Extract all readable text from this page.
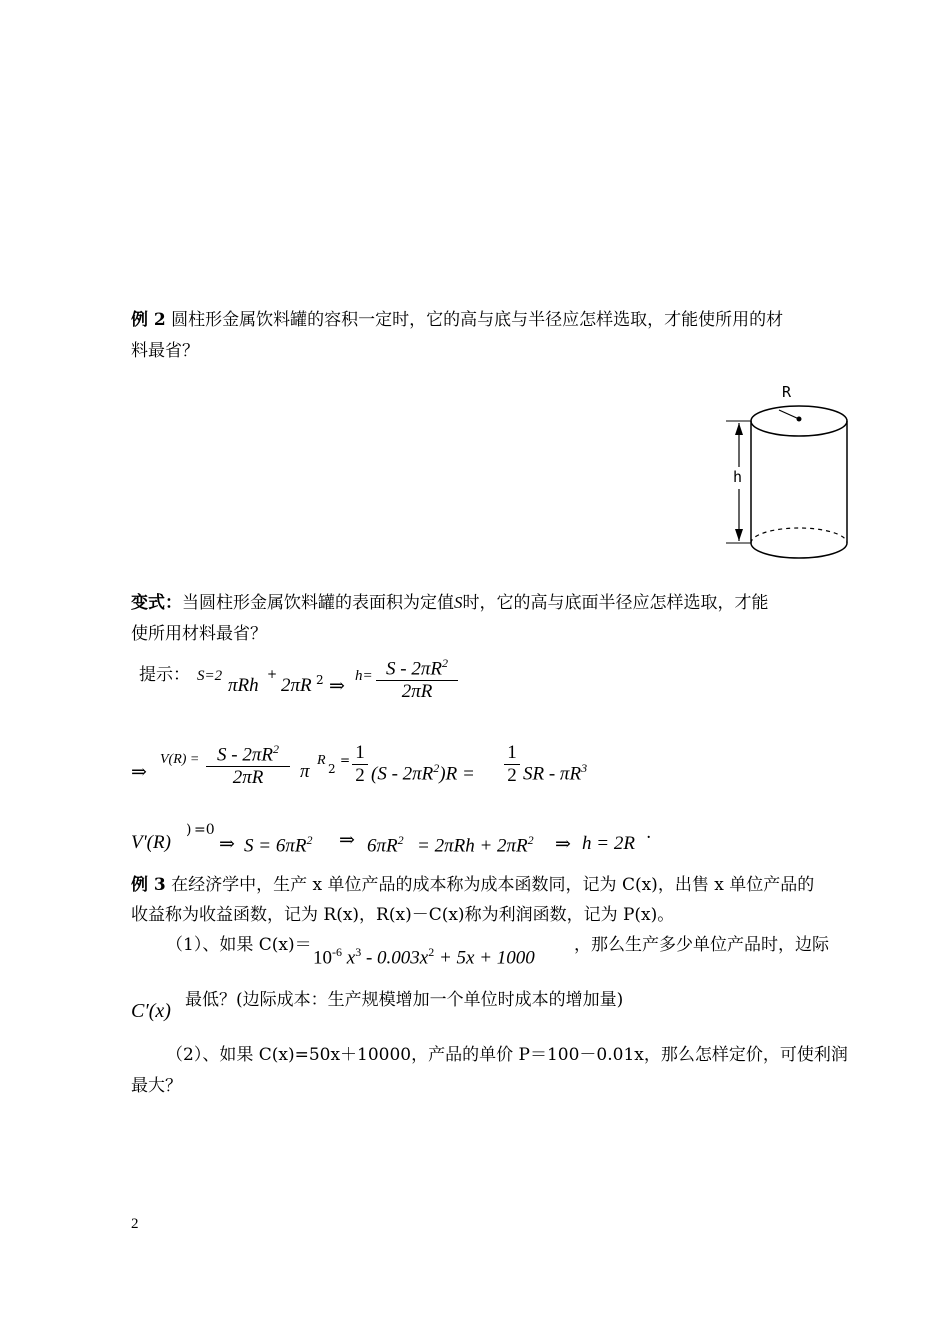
例 2 圆柱形金属饮料罐的容积一定时，它的高与底与半径应怎样选取，才能使所用的材
料最省？
R
h
变式：当圆柱形金属饮料罐的表面积为定值S时，它的高与底面半径应怎样选取，才能
使所用材料最省？
提示： S=2 πRh
+
2πR 2 ⇒ $h= S - 2\pi R^2$
2πR
⇒
$V(R) = S - 2\pi R^2$
2πR	π
R
2
= 1
2 $(S - 2\pi R^2)R$ =
1
2 SR - $\pi R^3$
V'(R)
) =0
⇒ $S = 6\pi R^2$ ⇒ $6\pi R^2 = 2\pi Rh + 2\pi R^2$ ⇒ h = 2R .
例 3 在经济学中，生产 x 单位产品的成本称为成本函数同，记为 C(x)，出售 x 单位产品的
收益称为收益函数，记为 R(x)，R(x)－C(x)称为利润函数，记为 P(x)。
（1）、如果 C(x)＝
$10^{-6}$ $x^3 - 0.003x^2 + 5x + 1000$
，那么生产多少单位产品时，边际
C′(x) 最低？(边际成本：生产规模增加一个单位时成本的增加量)
（2）、如果 C(x)=50x＋10000，产品的单价 P＝100－0.01x，那么怎样定价，可使利润
最大？
2
